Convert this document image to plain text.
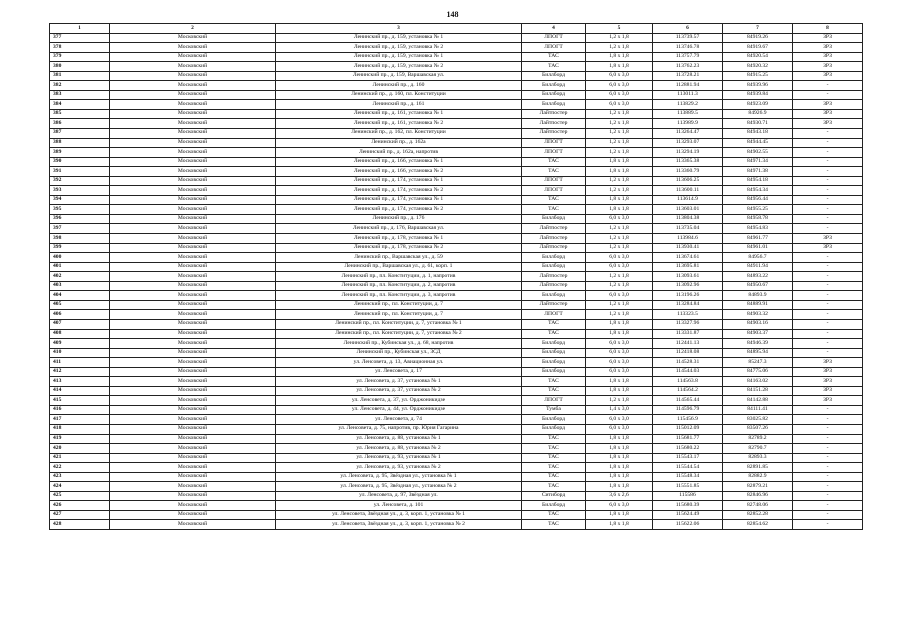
148
1	2	3	4	5	6	7	8
377	Московский	Ленинский пр., д. 159, установка № 1	ЛПОГТ	1,2 х 1,8	113739.57	84919.26	ЗРЗ
378	Московский	Ленинский пр., д. 159, установка № 2	ЛПОГТ	1,2 х 1,8	113746.78	84919.67	ЗРЗ
379	Московский	Ленинский пр., д. 159, установка № 1	ТАС	1,8 х 1,8	113757.79	84920.54	ЗРЗ
380	Московский	Ленинский пр., д. 159, установка № 2	ТАС	1,8 х 1,8	113762.23	84920.32	ЗРЗ
381	Московский	Ленинский пр., д. 159, Варшавская ул.	Биллборд	6,0 х 3,0	113728.21	84915.25	ЗРЗ
382	Московский	Ленинский пр., д. 160	Биллборд	6,0 х 3,0	112881.94	84939.96	-
383	Московский	Ленинский пр., д. 160, пл. Конституции	Биллборд	6,0 х 3,0	113011.3	84939.84	-
384	Московский	Ленинский пр., д. 161	Биллборд	6,0 х 3,0	113829.2	84923.09	ЗРЗ
385	Московский	Ленинский пр., д. 161, установка № 1	Лайтпостер	1,2 х 1,8	113889.5	84926.9	ЗРЗ
386	Московский	Ленинский пр., д. 161, установка № 2	Лайтпостер	1,2 х 1,8	113989.9	84930.71	ЗРЗ
387	Московский	Ленинский пр., д. 162, пл. Конституции	Лайтпостер	1,2 х 1,8	113264.47	84943.18	-
388	Московский	Ленинский пр., д. 162а	ЛПОГТ	1,2 х 1,8	113293.07	84944.45	-
389	Московский	Ленинский пр., д. 162а, напротив	ЛПОГТ	1,2 х 1,8	113294.19	84902.55	-
390	Московский	Ленинский пр., д. 166, установка № 1	ТАС	1,8 х 1,8	113365.38	84971.34	-
391	Московский	Ленинский пр., д. 166, установка № 2	ТАС	1,8 х 1,8	113360.79	84971.38	-
392	Московский	Ленинский пр., д. 174, установка № 1	ЛПОГТ	1,2 х 1,8	113606.25	84954.18	-
393	Московский	Ленинский пр., д. 174, установка № 2	ЛПОГТ	1,2 х 1,8	113600.11	84954.34	-
394	Московский	Ленинский пр., д. 174, установка № 1	ТАС	1,8 х 1,8	113614.9	84956.44	-
395	Московский	Ленинский пр., д. 174, установка № 2	ТАС	1,8 х 1,8	113603.01	84955.25	-
396	Московский	Ленинский пр., д. 176	Биллборд	6,0 х 3,0	113804.38	84958.78	-
397	Московский	Ленинский пр., д. 176, Варшавская ул.	Лайтпостер	1,2 х 1,8	113735.04	84954.83	-
398	Московский	Ленинский пр., д. 178, установка № 1	Лайтпостер	1,2 х 1,8	113984.6	84961.77	ЗРЗ
399	Московский	Ленинский пр., д. 178, установка № 2	Лайтпостер	1,2 х 1,8	113930.41	84961.01	ЗРЗ
400	Московский	Ленинский пр., Варшавская ул., д. 59	Биллборд	6,0 х 3,0	113674.61	84956.7	-
401	Московский	Ленинский пр., Варшавская ул., д. 61, корп. 1	Биллборд	6,0 х 3,0	113695.81	84911.94	-
402	Московский	Ленинский пр., пл. Конституции, д. 1, напротив	Лайтпостер	1,2 х 1,8	113093.61	84893.22	-
403	Московский	Ленинский пр., пл. Конституции, д. 2, напротив	Лайтпостер	1,2 х 1,8	113092.96	84950.67	-
404	Московский	Ленинский пр., пл. Конституции, д. 3, напротив	Биллборд	6,0 х 3,0	113196.26	84893.9	-
405	Московский	Ленинский пр., пл. Конституции, д. 7	Лайтпостер	1,2 х 1,8	113284.84	84889.91	-
406	Московский	Ленинский пр., пл. Конституции, д. 7	ЛПОГТ	1,2 х 1,8	113323.5	84903.32	-
407	Московский	Ленинский пр., пл. Конституции, д. 7, установка № 1	ТАС	1,8 х 1,8	113327.96	84903.16	-
408	Московский	Ленинский пр., пл. Конституции, д. 7, установка № 2	ТАС	1,8 х 1,8	113331.87	84903.37	-
409	Московский	Ленинский пр., Кубинская ул., д. 68, напротив	Биллборд	6,0 х 3,0	112441.13	84946.39	-
410	Московский	Ленинский пр., Кубинская ул., ЗСД	Биллборд	6,0 х 3,0	112418.08	84895.94	-
411	Московский	ул. Ленсовета, д. 13, Авиационная ул.	Биллборд	6,0 х 3,0	114528.31	85247.3	ЗРЗ
412	Московский	ул. Ленсовета, д. 17	Биллборд	6,0 х 3,0	114544.03	84775.06	ЗРЗ
413	Московский	ул. Ленсовета, д. 37, установка № 1	ТАС	1,8 х 1,8	114563.8	84163.02	ЗРЗ
414	Московский	ул. Ленсовета, д. 37, установка № 2	ТАС	1,8 х 1,8	114564.2	84151.28	ЗРЗ
415	Московский	ул. Ленсовета, д. 37, ул. Орджоникидзе	ЛПОГТ	1,2 х 1,8	114565.44	84142.88	ЗРЗ
416	Московский	ул. Ленсовета, д. 44, ул. Орджоникидзе	Тумба	1,4 х 3,0	114596.79	84111.41	-
417	Московский	ул. Ленсовета, д. 74	Биллборд	6,0 х 3,0	115456.9	83025.82	-
418	Московский	ул. Ленсовета, д. 75, напротив, пр. Юрия Гагарина	Биллборд	6,0 х 3,0	115012.09	83507.26	-
419	Московский	ул. Ленсовета, д. 88, установка № 1	ТАС	1,8 х 1,8	115681.77	82789.2	-
420	Московский	ул. Ленсовета, д. 88, установка № 2	ТАС	1,8 х 1,8	115680.22	82790.7	-
421	Московский	ул. Ленсовета, д. 93, установка № 1	ТАС	1,8 х 1,8	115543.17	82893.3	-
422	Московский	ул. Ленсовета, д. 93, установка № 2	ТАС	1,8 х 1,8	115544.54	82891.85	-
423	Московский	ул. Ленсовета, д. 95, Звёздная ул., установка № 1	ТАС	1,8 х 1,8	115548.34	82882.9	-
424	Московский	ул. Ленсовета, д. 95, Звёздная ул., установка № 2	ТАС	1,8 х 1,8	115551.85	82879.21	-
425	Московский	ул. Ленсовета, д. 97, Звёздная ул.	Ситиборд	3,6 х 2,6	115586	82846.96	-
426	Московский	ул. Ленсовета, д. 101	Биллборд	6,0 х 3,0	115680.39	82748.06	-
427	Московский	ул. Ленсовета, Звёздная ул., д. 3, корп. 1, установка № 1	ТАС	1,8 х 1,8	115624.49	82852.28	-
428	Московский	ул. Ленсовета, Звёздная ул., д. 3, корп. 1, установка № 2	ТАС	1,8 х 1,8	115622.06	82854.62	-
